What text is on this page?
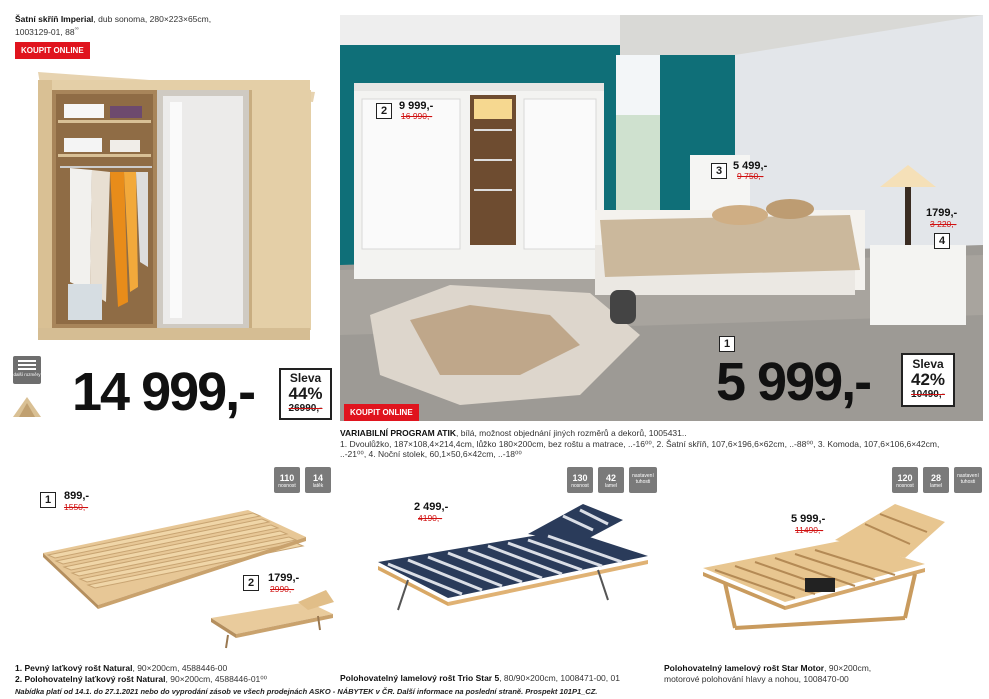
Šatní skříň Imperial, dub sonoma, 280×223×65cm,
1003129-01, $88^{^{00}}$
KOUPIT ONLINE
další rozměry 14 999,-	Sleva
44%
26990,-	KOUPIT ONLINE
2	9 999,-
16 990,-
3 5 499,-
9 750,-
1799,-
3 220,-
4
1
5 999,-	Sleva
42%
10490,-
VARIABILNÍ PROGRAM ATIK, bílá, možnost objednání jiných rozměrů a dekorů, 1005431..
1. Dvoulůžko, 187×108,4×214,4cm, lůžko 180×200cm, bez roštu a matrace, ..-16⁰⁰, 2. Šatní skříň, 107,6×196,6×62cm, ..-88⁰⁰, 3. Komoda, 107,6×106,6×42cm,
..-21⁰⁰, 4. Noční stolek, 60,1×50,6×42cm, ..-18⁰⁰
110
nosnost
14
latěk
1	899,-
1550,-
2	1799,-
2990,-
130
nosnost
42
lamel
nastavení tuhosti
2 499,-
4190,-
120
nosnost
28
lamel
nastavení tuhosti
5 999,-
11490,-
1. Pevný laťkový rošt Natural, 90×200cm, 4588446-00
2. Polohovatelný laťkový rošt Natural, 90×200cm, 4588446-01⁰⁰	Polohovatelný lamelový rošt Trio Star 5, 80/90×200cm, 1008471-00, 01
Polohovatelný lamelový rošt Star Motor, 90×200cm,
motorové polohování hlavy a nohou, 1008470-00
Nabídka platí od 14.1. do 27.1.2021 nebo do vyprodání zásob ve všech prodejnách ASKO - NÁBYTEK v ČR. Další informace na poslední straně. Prospekt 101P1_CZ.
